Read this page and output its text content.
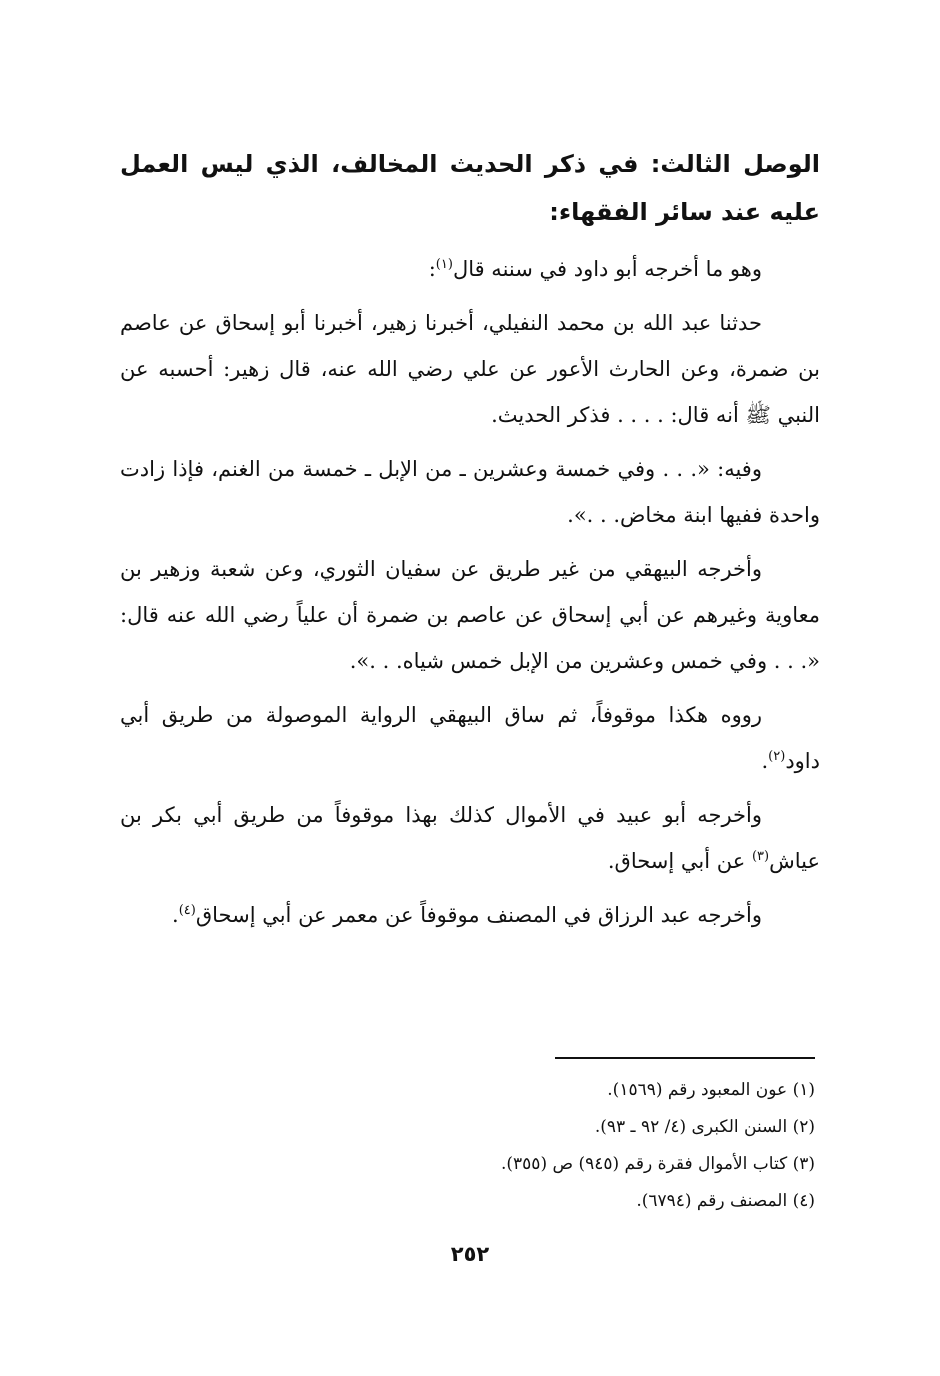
الوصل الثالث: في ذكر الحديث المخالف، الذي ليس العمل عليه عند سائر الفقهاء:

وهو ما أخرجه أبو داود في سننه قال$^{(١)}$:

حدثنا عبد الله بن محمد النفيلي، أخبرنا زهير، أخبرنا أبو إسحاق عن عاصم بن ضمرة، وعن الحارث الأعور عن علي رضي الله عنه، قال زهير: أحسبه عن النبي ﷺ أنه قال: . . . . فذكر الحديث.

وفيه: «. . . وفي خمسة وعشرين ـ من الإبل ـ خمسة من الغنم، فإذا زادت واحدة ففيها ابنة مخاض. . .».

وأخرجه البيهقي من غير طريق عن سفيان الثوري، وعن شعبة وزهير بن معاوية وغيرهم عن أبي إسحاق عن عاصم بن ضمرة أن علياً رضي الله عنه قال: «. . . وفي خمس وعشرين من الإبل خمس شياه. . .».

رووه هكذا موقوفاً، ثم ساق البيهقي الرواية الموصولة من طريق أبي داود$^{(٢)}$.

وأخرجه أبو عبيد في الأموال كذلك بهذا موقوفاً من طريق أبي بكر بن عياش$^{(٣)}$ عن أبي إسحاق.

وأخرجه عبد الرزاق في المصنف موقوفاً عن معمر عن أبي إسحاق$^{(٤)}$.

(١) عون المعبود رقم (١٥٦٩).
(٢) السنن الكبرى (٤/ ٩٢ ـ ٩٣).
(٣) كتاب الأموال فقرة رقم (٩٤٥) ص (٣٥٥).
(٤) المصنف رقم (٦٧٩٤).
٢٥٢
